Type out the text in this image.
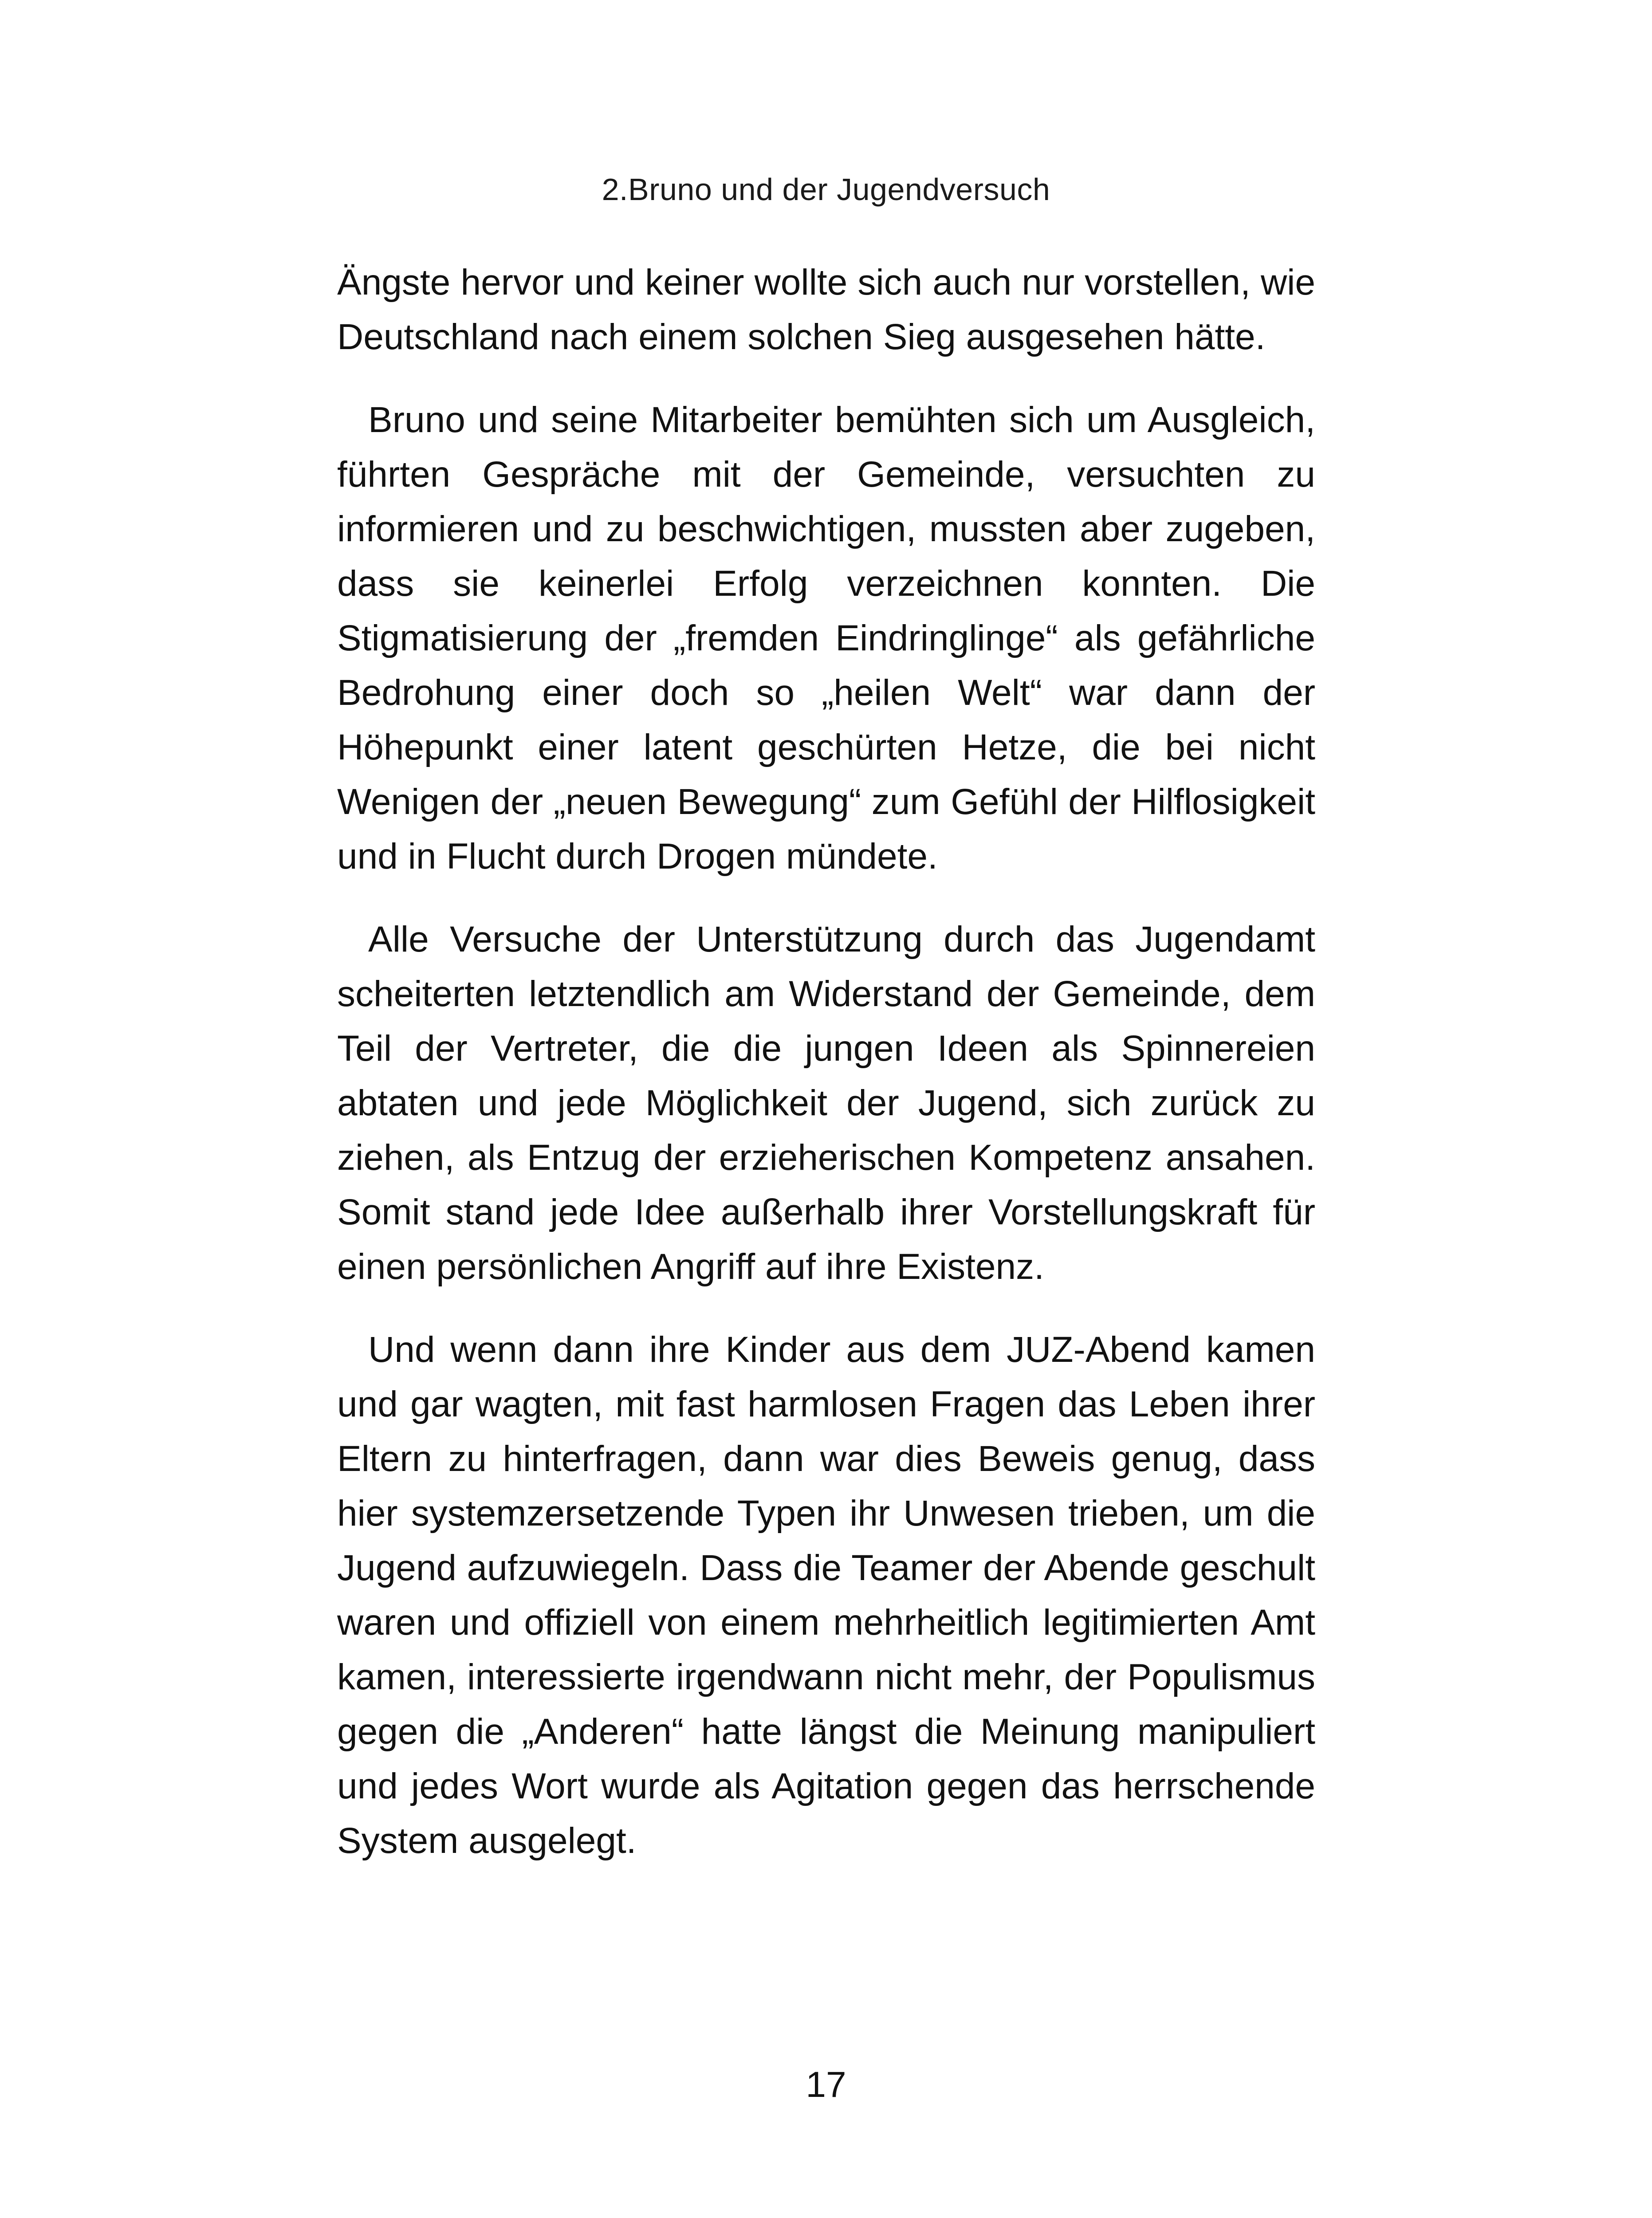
2.Bruno und der Jugendversuch

Ängste hervor und keiner wollte sich auch nur vorstellen, wie Deutschland nach einem solchen Sieg ausgesehen hätte.

Bruno und seine Mitarbeiter bemühten sich um Ausgleich, führten Gespräche mit der Gemeinde, versuchten zu informieren und zu beschwichtigen, mussten aber zugeben, dass sie keinerlei Erfolg verzeichnen konnten. Die Stigmatisierung der „fremden Eindringlinge“ als gefährliche Bedrohung einer doch so „heilen Welt“ war dann der Höhepunkt einer latent geschürten Hetze, die bei nicht Wenigen der „neuen Bewegung“ zum Gefühl der Hilflosigkeit und in Flucht durch Drogen mündete.

Alle Versuche der Unterstützung durch das Jugendamt scheiterten letztendlich am Widerstand der Gemeinde, dem Teil der Vertreter, die die jungen Ideen als Spinnereien abtaten und jede Möglichkeit der Jugend, sich zurück zu ziehen, als Entzug der erzieherischen Kompetenz ansahen. Somit stand jede Idee außerhalb ihrer Vorstellungskraft für einen persönlichen Angriff auf ihre Existenz.

Und wenn dann ihre Kinder aus dem JUZ-Abend kamen und gar wagten, mit fast harmlosen Fragen das Leben ihrer Eltern zu hinterfragen, dann war dies Beweis genug, dass hier systemzersetzende Typen ihr Unwesen trieben, um die Jugend aufzuwiegeln. Dass die Teamer der Abende geschult waren und offiziell von einem mehrheitlich legitimierten Amt kamen, interessierte irgendwann nicht mehr, der Populismus gegen die „Anderen“ hatte längst die Meinung manipuliert und jedes Wort wurde als Agitation gegen das herrschende System ausgelegt.

17
